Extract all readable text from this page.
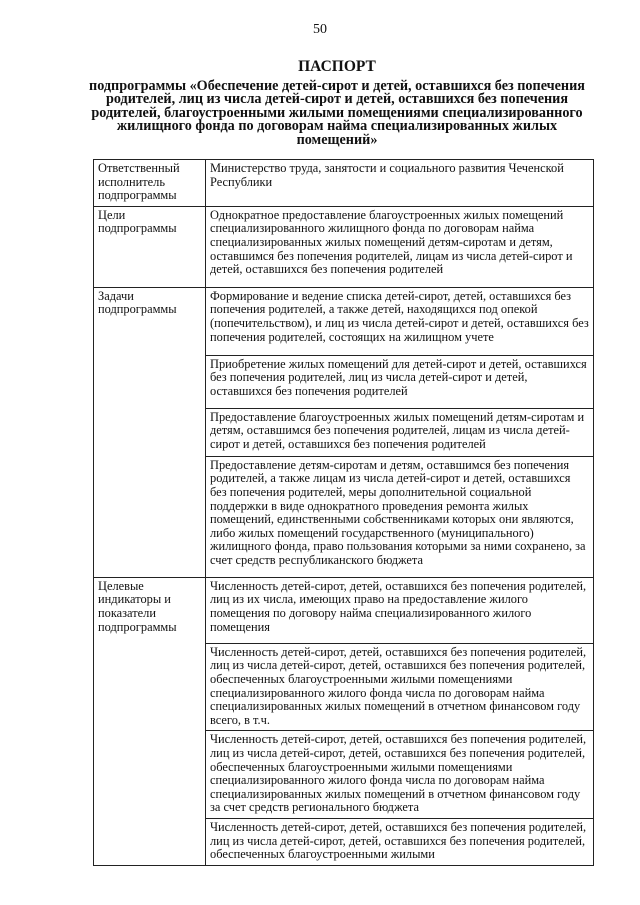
50
ПАСПОРТ
подпрограммы «Обеспечение детей-сирот и детей, оставшихся без попечения родителей, лиц из числа детей-сирот и детей, оставшихся без попечения родителей, благоустроенными жилыми помещениями специализированного жилищного фонда по договорам найма специализированных жилых помещений»
Ответственный исполнитель подпрограммы	Министерство труда, занятости и социального развития Чеченской Республики
Цели подпрограммы	Однократное предоставление благоустроенных жилых помещений специализированного жилищного фонда по договорам найма специализированных жилых помещений детям-сиротам и детям, оставшимся без попечения родителей, лицам из числа детей-сирот и детей, оставшихся без попечения родителей
Задачи подпрограммы	Формирование и ведение списка детей-сирот, детей, оставшихся без попечения родителей, а также детей, находящихся под опекой (попечительством), и лиц из числа детей-сирот и детей, оставшихся без попечения родителей, состоящих на жилищном учете
	Приобретение жилых помещений для детей-сирот и детей, оставшихся без попечения родителей, лиц из числа детей-сирот и детей, оставшихся без попечения родителей
	Предоставление благоустроенных жилых помещений детям-сиротам и детям, оставшимся без попечения родителей, лицам из числа детей-сирот и детей, оставшихся без попечения родителей
	Предоставление детям-сиротам и детям, оставшимся без попечения родителей, а также лицам из числа детей-сирот и детей, оставшихся без попечения родителей, меры дополнительной социальной поддержки в виде однократного проведения ремонта жилых помещений, единственными собственниками которых они являются, либо жилых помещений государственного (муниципального) жилищного фонда, право пользования которыми за ними сохранено, за счет средств республиканского бюджета
Целевые индикаторы и показатели подпрограммы	Численность детей-сирот, детей, оставшихся без попечения родителей, лиц из их числа, имеющих право на предоставление жилого помещения по договору найма специализированного жилого помещения
	Численность детей-сирот, детей, оставшихся без попечения родителей, лиц из числа детей-сирот, детей, оставшихся без попечения родителей, обеспеченных благоустроенными жилыми помещениями специализированного жилого фонда числа по договорам найма специализированных жилых помещений в отчетном финансовом году всего, в т.ч.
	Численность детей-сирот, детей, оставшихся без попечения родителей, лиц из числа детей-сирот, детей, оставшихся без попечения родителей, обеспеченных благоустроенными жилыми помещениями специализированного жилого фонда числа по договорам найма специализированных жилых помещений в отчетном финансовом году за счет средств регионального бюджета
	Численность детей-сирот, детей, оставшихся без попечения родителей, лиц из числа детей-сирот, детей, оставшихся без попечения родителей, обеспеченных благоустроенными жилыми
